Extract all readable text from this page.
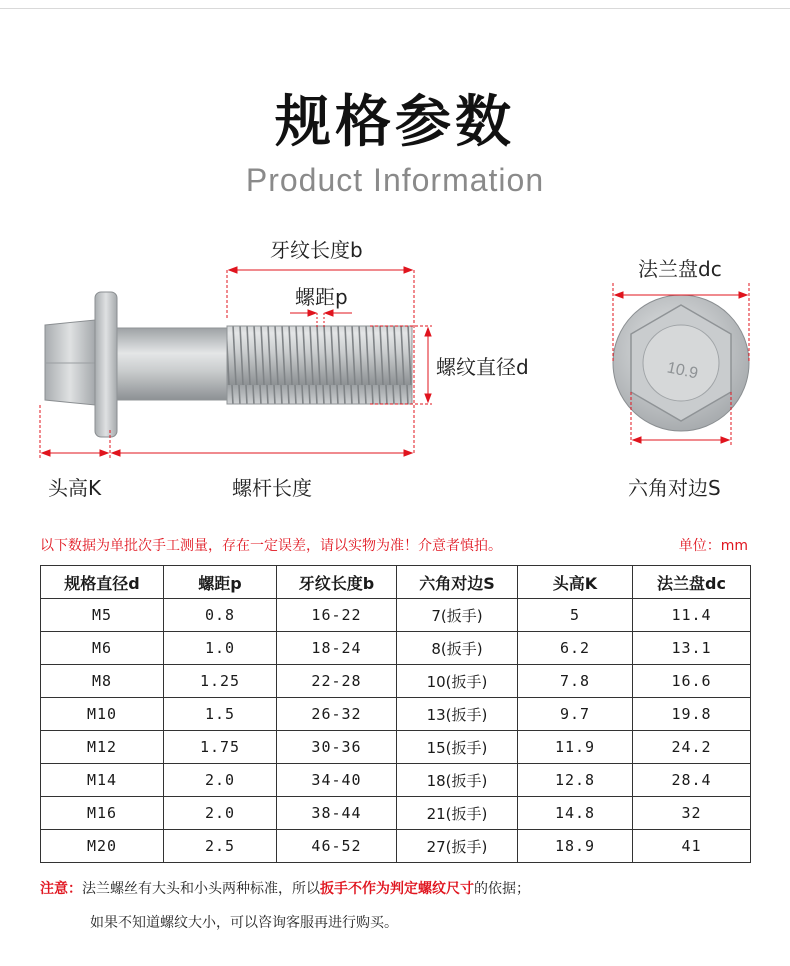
规格参数
Product Information
10.9
牙纹长度b
螺距p
螺纹直径d
头高K	螺杆长度
法兰盘dc
六角对边S
以下数据为单批次手工测量，存在一定误差，请以实物为准！介意者慎拍。	单位：mm
规格直径d	螺距p	牙纹长度b	六角对边S	头高K	法兰盘dc
M5	0.8	16-22	7(扳手)	5	11.4
M6	1.0	18-24	8(扳手)	6.2	13.1
M8	1.25	22-28	10(扳手)	7.8	16.6
M10	1.5	26-32	13(扳手)	9.7	19.8
M12	1.75	30-36	15(扳手)	11.9	24.2
M14	2.0	34-40	18(扳手)	12.8	28.4
M16	2.0	38-44	21(扳手)	14.8	32
M20	2.5	46-52	27(扳手)	18.9	41
注意：法兰螺丝有大头和小头两种标准，所以扳手不作为判定螺纹尺寸的依据；
如果不知道螺纹大小，可以咨询客服再进行购买。
